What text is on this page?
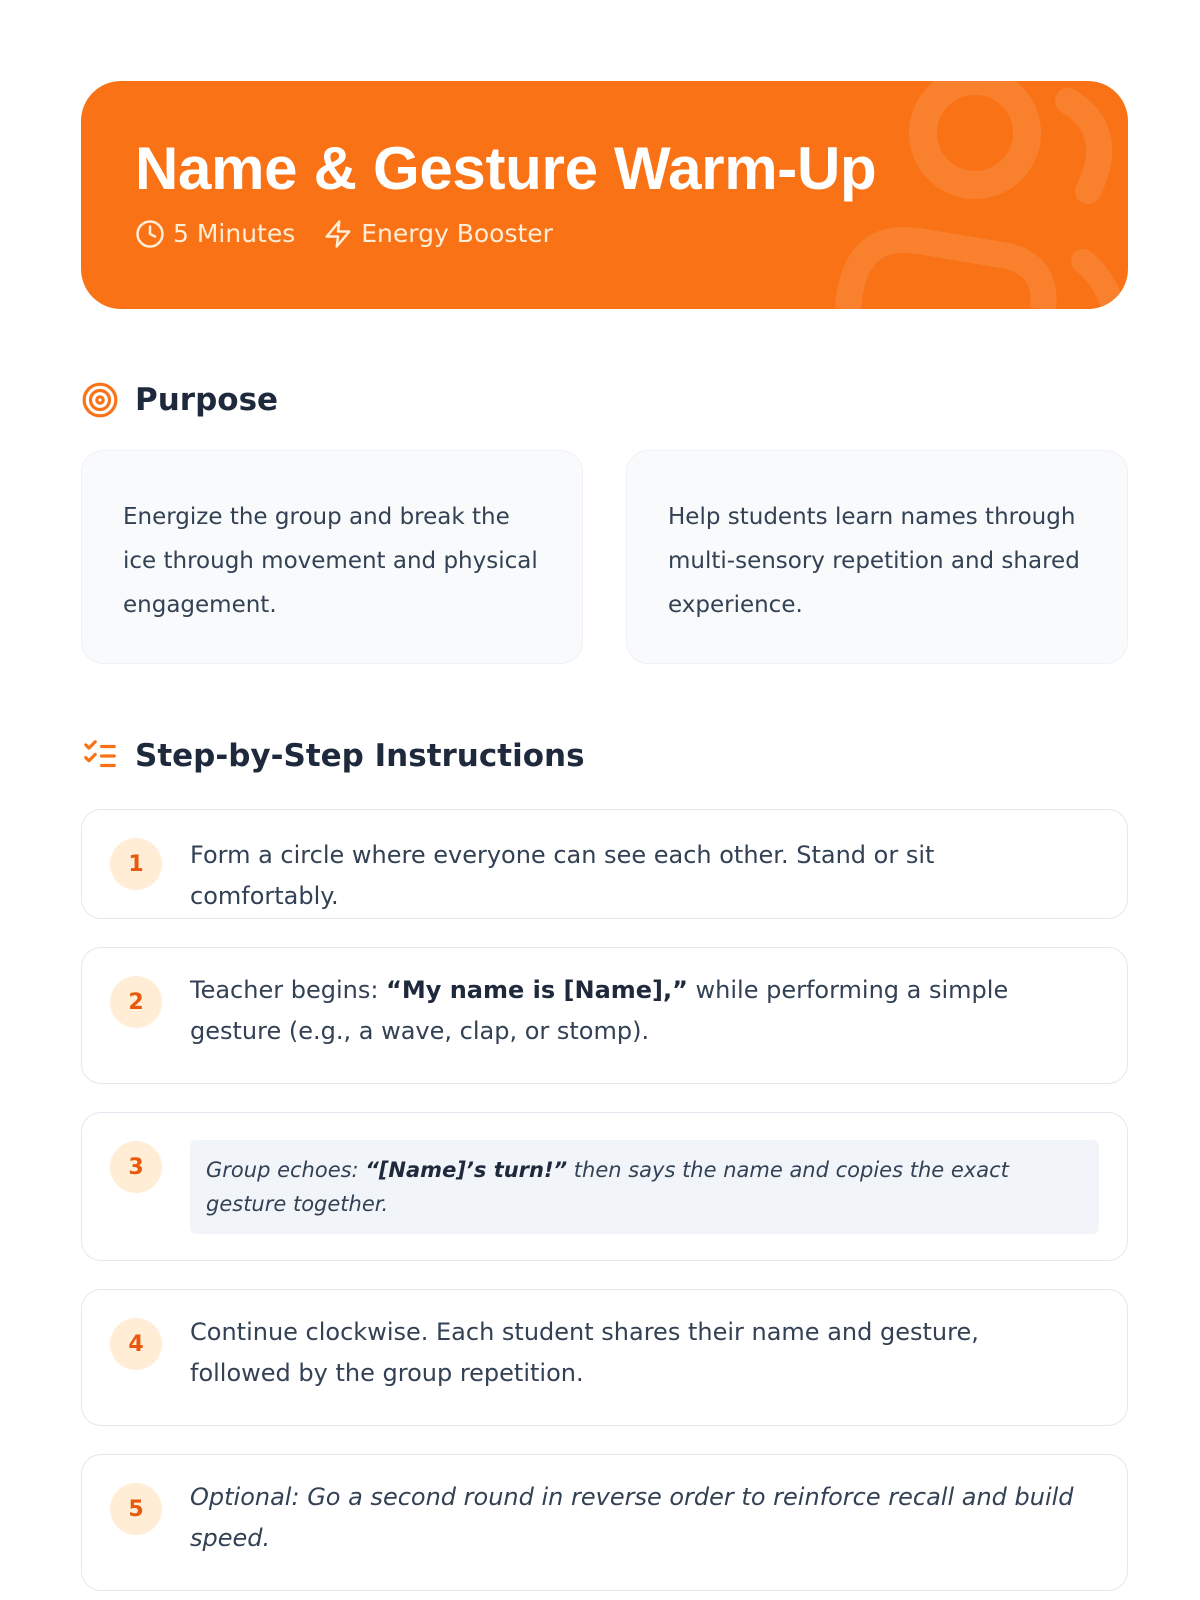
Name & Gesture Warm-Up
5 Minutes	Energy Booster
Purpose
Energize the group and break the ice through movement and physical engagement.
Help students learn names through multi-sensory repetition and shared experience.
Step-by-Step Instructions
1	Form a circle where everyone can see each other. Stand or sit comfortably.
2	Teacher begins: “My name is [Name],” while performing a simple gesture (e.g., a wave, clap, or stomp).
3	Group echoes: “[Name]’s turn!” then says the name and copies the exact gesture together.
4	Continue clockwise. Each student shares their name and gesture, followed by the group repetition.
5	Optional: Go a second round in reverse order to reinforce recall and build speed.
